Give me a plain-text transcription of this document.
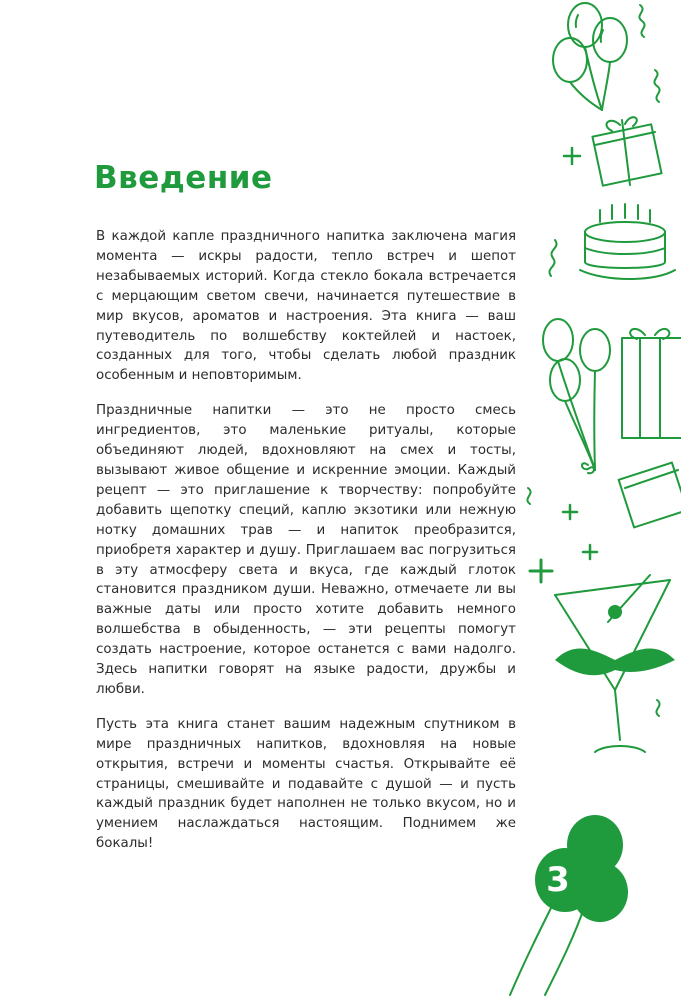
Введение

В каждой капле праздничного напитка заключена магия момента — искры радости, тепло встреч и шепот незабываемых историй. Когда стекло бокала встречается с мерцающим светом свечи, начинается путешествие в мир вкусов, ароматов и настроения. Эта книга — ваш путеводитель по волшебству коктейлей и настоек, созданных для того, чтобы сделать любой праздник особенным и неповторимым.

Праздничные напитки — это не просто смесь ингредиентов, это маленькие ритуалы, которые объединяют людей, вдохновляют на смех и тосты, вызывают живое общение и искренние эмоции. Каждый рецепт — это приглашение к творчеству: попробуйте добавить щепотку специй, каплю экзотики или нежную нотку домашних трав — и напиток преобразится, приобретя характер и душу. Приглашаем вас погрузиться в эту атмосферу света и вкуса, где каждый глоток становится праздником души. Неважно, отмечаете ли вы важные даты или просто хотите добавить немного волшебства в обыденность, — эти рецепты помогут создать настроение, которое останется с вами надолго. Здесь напитки говорят на языке радости, дружбы и любви.

Пусть эта книга станет вашим надежным спутником в мире праздничных напитков, вдохновляя на новые открытия, встречи и моменты счастья. Открывайте её страницы, смешивайте и подавайте с душой — и пусть каждый праздник будет наполнен не только вкусом, но и умением наслаждаться настоящим. Поднимем же бокалы!

3
